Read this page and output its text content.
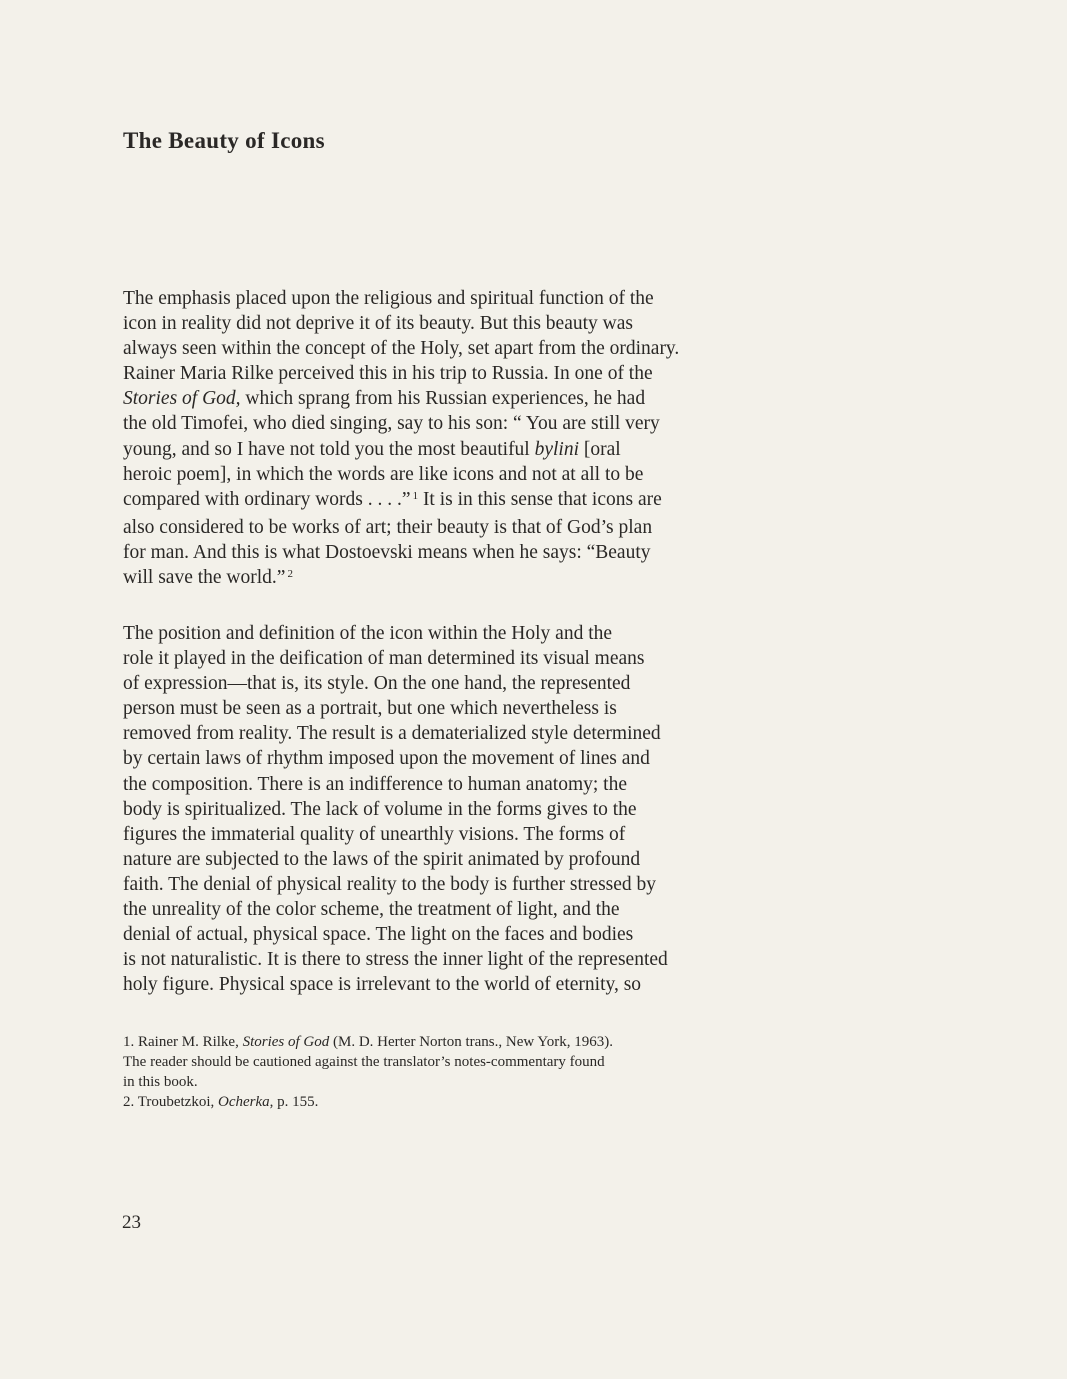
The Beauty of Icons
The emphasis placed upon the religious and spiritual function of the
icon in reality did not deprive it of its beauty. But this beauty was
always seen within the concept of the Holy, set apart from the ordinary.
Rainer Maria Rilke perceived this in his trip to Russia. In one of the
Stories of God, which sprang from his Russian experiences, he had
the old Timofei, who died singing, say to his son: “ You are still very
young, and so I have not told you the most beautiful bylini [oral
heroic poem], in which the words are like icons and not at all to be
compared with ordinary words . . . .” $^1$ It is in this sense that icons are
also considered to be works of art; their beauty is that of God’s plan
for man. And this is what Dostoevski means when he says: “Beauty
will save the world.” $^2$
The position and definition of the icon within the Holy and the
role it played in the deification of man determined its visual means
of expression—that is, its style. On the one hand, the represented
person must be seen as a portrait, but one which nevertheless is
removed from reality. The result is a dematerialized style determined
by certain laws of rhythm imposed upon the movement of lines and
the composition. There is an indifference to human anatomy; the
body is spiritualized. The lack of volume in the forms gives to the
figures the immaterial quality of unearthly visions. The forms of
nature are subjected to the laws of the spirit animated by profound
faith. The denial of physical reality to the body is further stressed by
the unreality of the color scheme, the treatment of light, and the
denial of actual, physical space. The light on the faces and bodies
is not naturalistic. It is there to stress the inner light of the represented
holy figure. Physical space is irrelevant to the world of eternity, so
1. Rainer M. Rilke, Stories of God (M. D. Herter Norton trans., New York, 1963).
The reader should be cautioned against the translator’s notes-commentary found
in this book.
2. Troubetzkoi, Ocherka, p. 155.
23
